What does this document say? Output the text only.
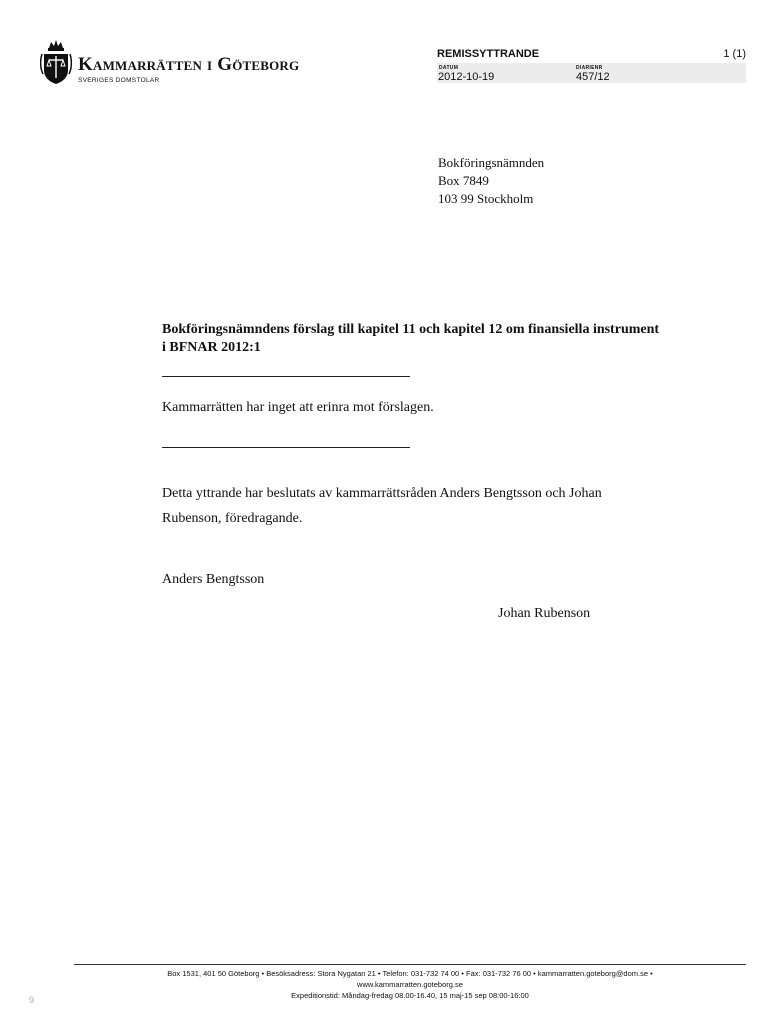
Kammarrätten i Göteborg
SVERIGES DOMSTOLAR
REMISSYTTRANDE	1 (1)
DATUM	DIARIENR
2012-10-19	457/12
Bokföringsnämnden
Box 7849
103 99 Stockholm
Bokföringsnämndens förslag till kapitel 11 och kapitel 12 om finansiella instrument i BFNAR 2012:1
Kammarrätten har inget att erinra mot förslagen.
Detta yttrande har beslutats av kammarrättsråden Anders Bengtsson och Johan Rubenson, föredragande.
Anders Bengtsson
Johan Rubenson
Box 1531, 401 50 Göteborg • Besöksadress: Stora Nygatan 21 • Telefon: 031-732 74 00 • Fax: 031-732 76 00 • kammarratten.goteborg@dom.se •
www.kammarratten.goteborg.se
Expeditionstid: Måndag-fredag 08.00-16.40, 15 maj-15 sep 08:00-16:00
9
